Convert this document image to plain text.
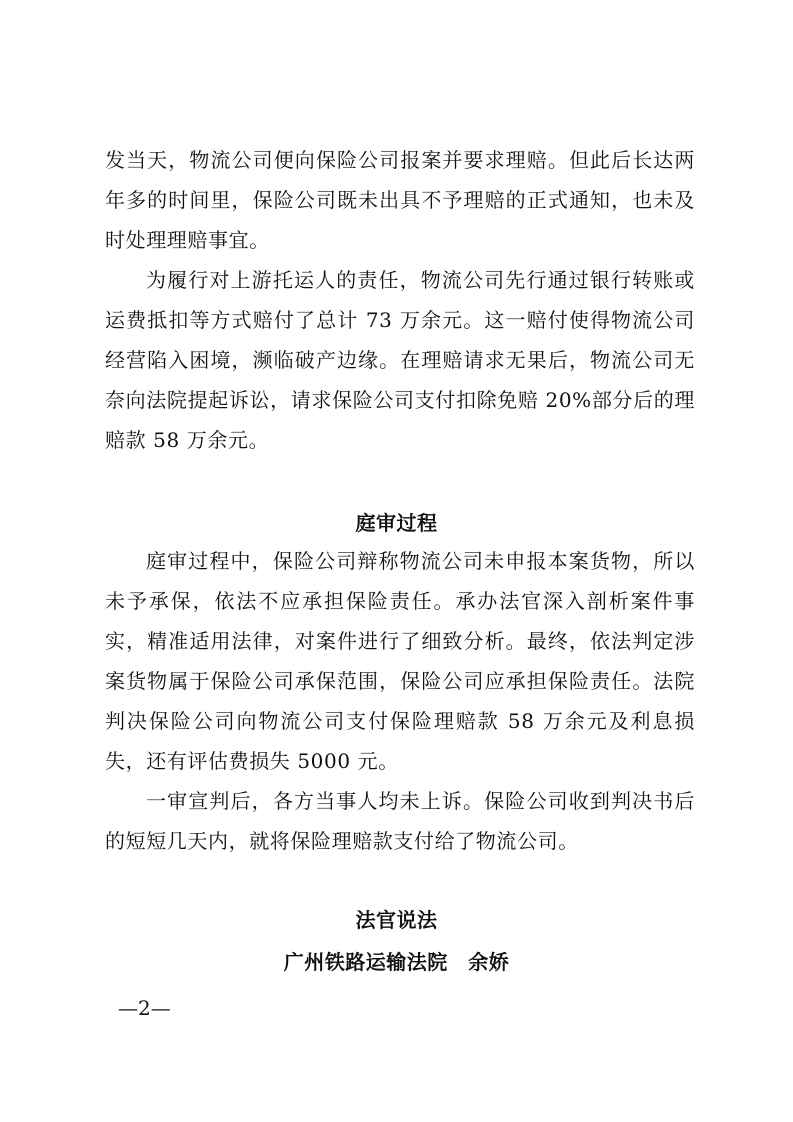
发当天，物流公司便向保险公司报案并要求理赔。但此后长达两年多的时间里，保险公司既未出具不予理赔的正式通知，也未及时处理理赔事宜。

为履行对上游托运人的责任，物流公司先行通过银行转账或运费抵扣等方式赔付了总计 73 万余元。这一赔付使得物流公司经营陷入困境，濒临破产边缘。在理赔请求无果后，物流公司无奈向法院提起诉讼，请求保险公司支付扣除免赔 20%部分后的理赔款 58 万余元。

庭审过程

庭审过程中，保险公司辩称物流公司未申报本案货物，所以未予承保，依法不应承担保险责任。承办法官深入剖析案件事实，精准适用法律，对案件进行了细致分析。最终，依法判定涉案货物属于保险公司承保范围，保险公司应承担保险责任。法院判决保险公司向物流公司支付保险理赔款 58 万余元及利息损失，还有评估费损失 5000 元。

一审宣判后，各方当事人均未上诉。保险公司收到判决书后的短短几天内，就将保险理赔款支付给了物流公司。

法官说法
广州铁路运输法院　余娇
—2—
